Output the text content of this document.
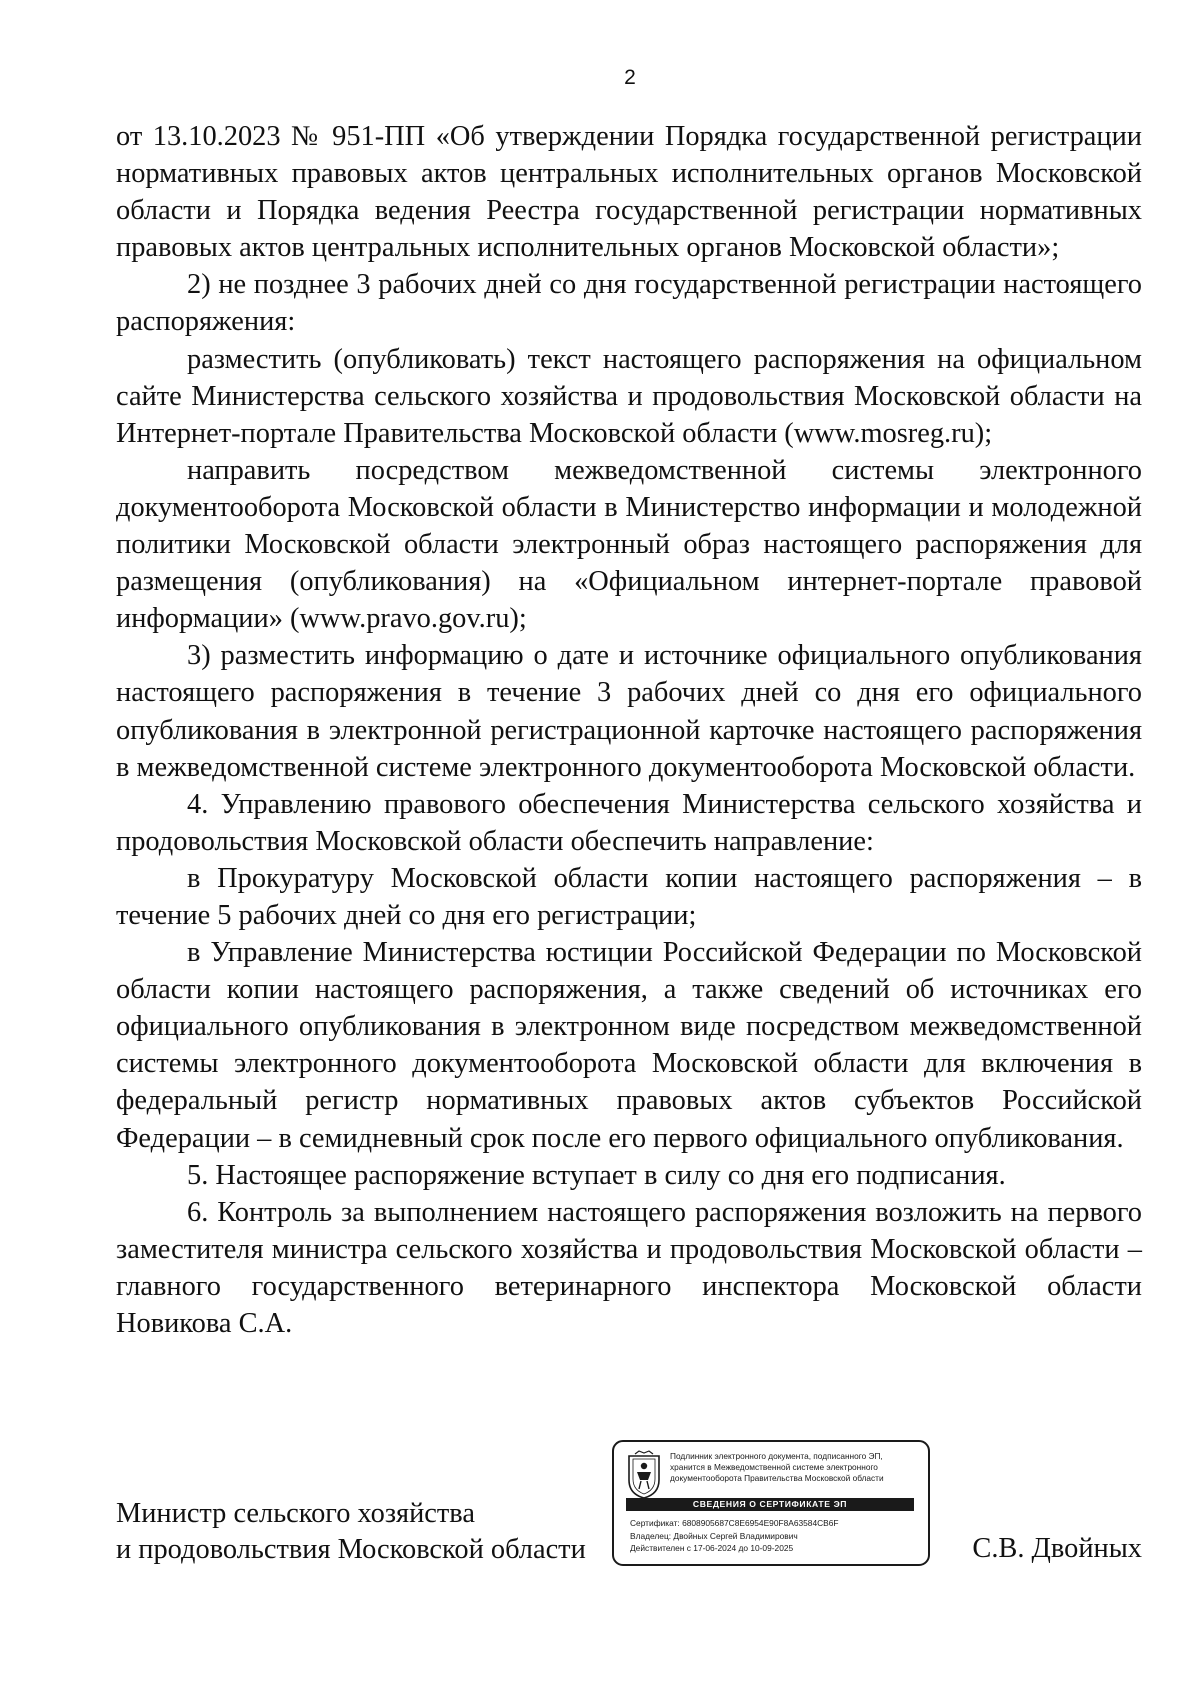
2

от 13.10.2023 № 951-ПП «Об утверждении Порядка государственной регистрации нормативных правовых актов центральных исполнительных органов Московской области и Порядка ведения Реестра государственной регистрации нормативных правовых актов центральных исполнительных органов Московской области»;

2) не позднее 3 рабочих дней со дня государственной регистрации настоящего распоряжения:

разместить (опубликовать) текст настоящего распоряжения на официальном сайте Министерства сельского хозяйства и продовольствия Московской области на Интернет-портале Правительства Московской области (www.mosreg.ru);

направить посредством межведомственной системы электронного документооборота Московской области в Министерство информации и молодежной политики Московской области электронный образ настоящего распоряжения для размещения (опубликования) на «Официальном интернет-портале правовой информации» (www.pravo.gov.ru);

3) разместить информацию о дате и источнике официального опубликования настоящего распоряжения в течение 3 рабочих дней со дня его официального опубликования в электронной регистрационной карточке настоящего распоряжения в межведомственной системе электронного документооборота Московской области.

4. Управлению правового обеспечения Министерства сельского хозяйства и продовольствия Московской области обеспечить направление:

в Прокуратуру Московской области копии настоящего распоряжения – в течение 5 рабочих дней со дня его регистрации;

в Управление Министерства юстиции Российской Федерации по Московской области копии настоящего распоряжения, а также сведений об источниках его официального опубликования в электронном виде посредством межведомственной системы электронного документооборота Московской области для включения в федеральный регистр нормативных правовых актов субъектов Российской Федерации – в семидневный срок после его первого официального опубликования.

5. Настоящее распоряжение вступает в силу со дня его подписания.

6. Контроль за выполнением настоящего распоряжения возложить на первого заместителя министра сельского хозяйства и продовольствия Московской области – главного государственного ветеринарного инспектора Московской области Новикова С.А.

Министр сельского хозяйства
и продовольствия Московской области
Подлинник электронного документа, подписанного ЭП,
хранится в Межведомственной системе электронного
документооборота Правительства Московской области
СВЕДЕНИЯ О СЕРТИФИКАТЕ ЭП
Сертификат: 6808905687C8E6954E90F8A63584CB6F
Владелец: Двойных Сергей Владимирович
Действителен с 17-06-2024 до 10-09-2025	С.В. Двойных
